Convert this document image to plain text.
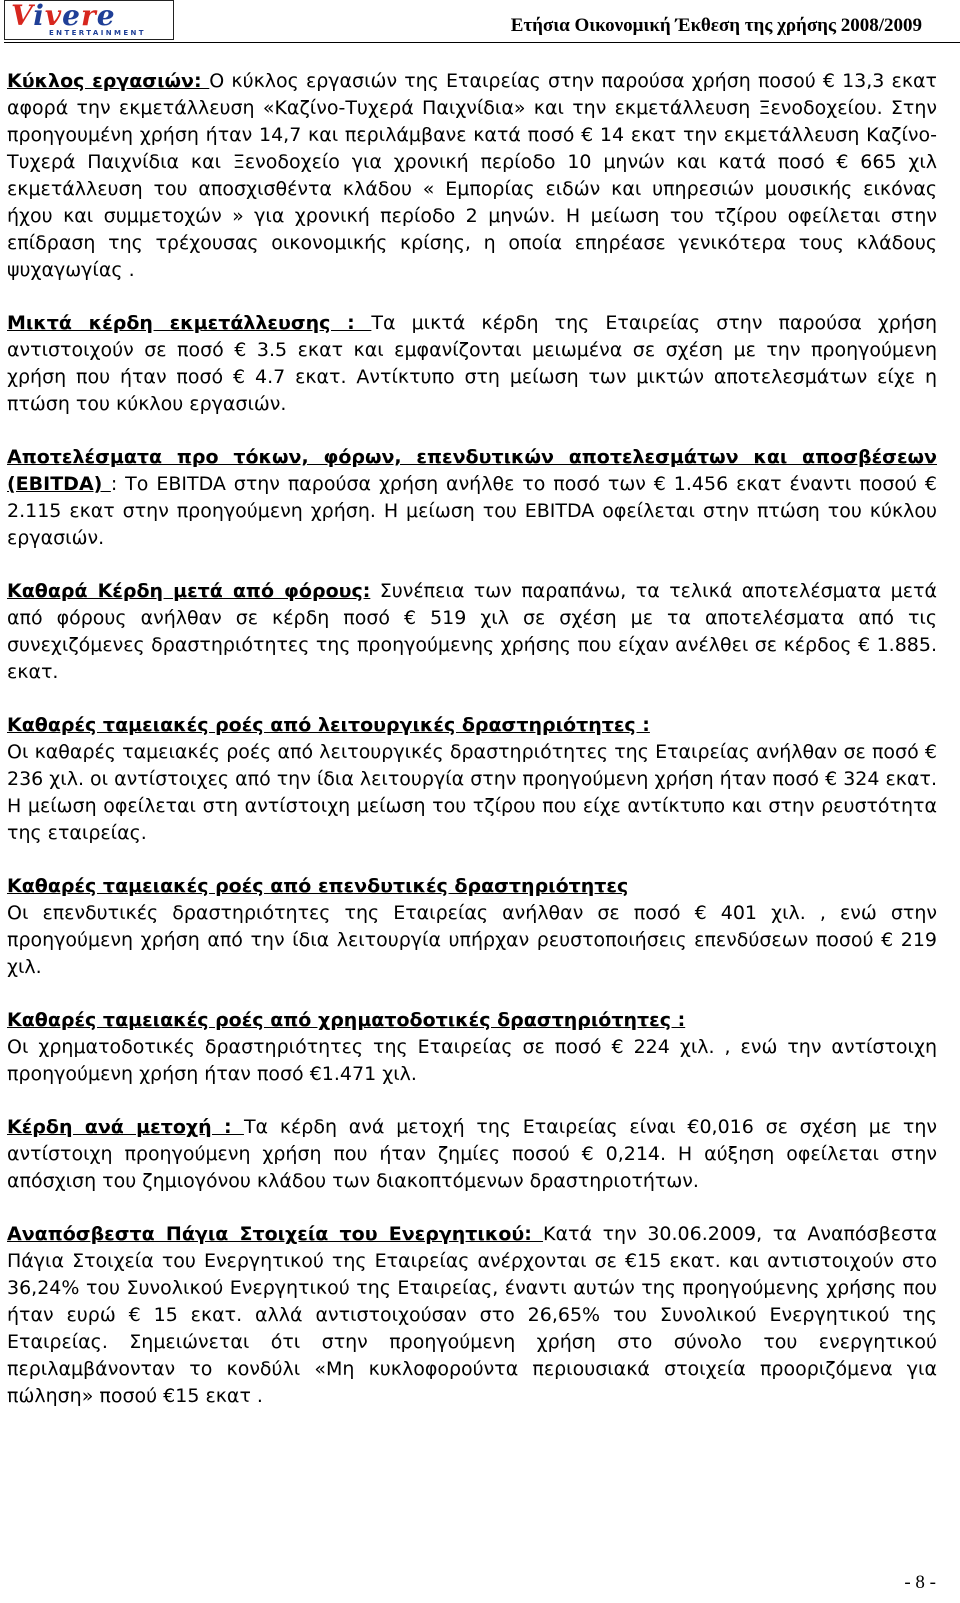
Vivere
ENTERTAINMENT	Ετήσια Οικονομική Έκθεση της χρήσης 2008/2009

Κύκλος εργασιών: Ο κύκλος εργασιών της Εταιρείας στην παρούσα χρήση ποσού € 13,3 εκατ αφορά την εκμετάλλευση «Καζίνο-Τυχερά Παιχνίδια» και την εκμετάλλευση Ξενοδοχείου. Στην προηγουμένη χρήση ήταν 14,7 και περιλάμβανε κατά ποσό € 14 εκατ την εκμετάλλευση Καζίνο-Τυχερά Παιχνίδια και Ξενοδοχείο για χρονική περίοδο 10 μηνών και κατά ποσό € 665 χιλ εκμετάλλευση του αποσχισθέντα κλάδου « Εμπορίας ειδών και υπηρεσιών μουσικής εικόνας ήχου και συμμετοχών » για χρονική περίοδο 2 μηνών. Η μείωση του τζίρου οφείλεται στην επίδραση της τρέχουσας οικονομικής κρίσης, η οποία επηρέασε γενικότερα τους κλάδους ψυχαγωγίας .

Μικτά κέρδη εκμετάλλευσης : Τα μικτά κέρδη της Εταιρείας στην παρούσα χρήση αντιστοιχούν σε ποσό € 3.5 εκατ και εμφανίζονται μειωμένα σε σχέση με την προηγούμενη χρήση που ήταν ποσό € 4.7 εκατ. Αντίκτυπο στη μείωση των μικτών αποτελεσμάτων είχε η πτώση του κύκλου εργασιών.

Αποτελέσματα προ τόκων, φόρων, επενδυτικών αποτελεσμάτων και αποσβέσεων (EBITDA) : Το EBITDA στην παρούσα χρήση ανήλθε το ποσό των € 1.456 εκατ έναντι ποσού € 2.115 εκατ στην προηγούμενη χρήση. Η μείωση του EBITDA οφείλεται στην πτώση του κύκλου εργασιών.

Καθαρά Κέρδη μετά από φόρους: Συνέπεια των παραπάνω, τα τελικά αποτελέσματα μετά από φόρους ανήλθαν σε κέρδη ποσό € 519 χιλ σε σχέση με τα αποτελέσματα από τις συνεχιζόμενες δραστηριότητες της προηγούμενης χρήσης που είχαν ανέλθει σε κέρδος € 1.885. εκατ.

Καθαρές ταμειακές ροές από λειτουργικές δραστηριότητες :
Οι καθαρές ταμειακές ροές από λειτουργικές δραστηριότητες της Εταιρείας ανήλθαν σε ποσό € 236 χιλ. οι αντίστοιχες από την ίδια λειτουργία στην προηγούμενη χρήση ήταν ποσό € 324 εκατ. Η μείωση οφείλεται στη αντίστοιχη μείωση του τζίρου που είχε αντίκτυπο και στην ρευστότητα της εταιρείας.

Καθαρές ταμειακές ροές από επενδυτικές δραστηριότητες
Οι επενδυτικές δραστηριότητες της Εταιρείας ανήλθαν σε ποσό € 401 χιλ. , ενώ στην προηγούμενη χρήση από την ίδια λειτουργία υπήρχαν ρευστοποιήσεις επενδύσεων ποσού € 219 χιλ.

Καθαρές ταμειακές ροές από χρηματοδοτικές δραστηριότητες :
Οι χρηματοδοτικές δραστηριότητες της Εταιρείας σε ποσό € 224 χιλ. , ενώ την αντίστοιχη προηγούμενη χρήση ήταν ποσό €1.471 χιλ.

Κέρδη ανά μετοχή : Τα κέρδη ανά μετοχή της Εταιρείας είναι €0,016 σε σχέση με την αντίστοιχη προηγούμενη χρήση που ήταν ζημίες ποσού € 0,214. Η αύξηση οφείλεται στην απόσχιση του ζημιογόνου κλάδου των διακοπτόμενων δραστηριοτήτων.

Αναπόσβεστα Πάγια Στοιχεία του Ενεργητικού: Κατά την 30.06.2009, τα Αναπόσβεστα Πάγια Στοιχεία του Ενεργητικού της Εταιρείας ανέρχονται σε €15 εκατ. και αντιστοιχούν στο 36,24% του Συνολικού Ενεργητικού της Εταιρείας, έναντι αυτών της προηγούμενης χρήσης που ήταν ευρώ € 15 εκατ. αλλά αντιστοιχούσαν στο 26,65% του Συνολικού Ενεργητικού της Εταιρείας. Σημειώνεται ότι στην προηγούμενη χρήση στο σύνολο του ενεργητικού περιλαμβάνονταν το κονδύλι «Μη κυκλοφορούντα περιουσιακά στοιχεία προοριζόμενα για πώληση» ποσού €15 εκατ .

- 8 -
